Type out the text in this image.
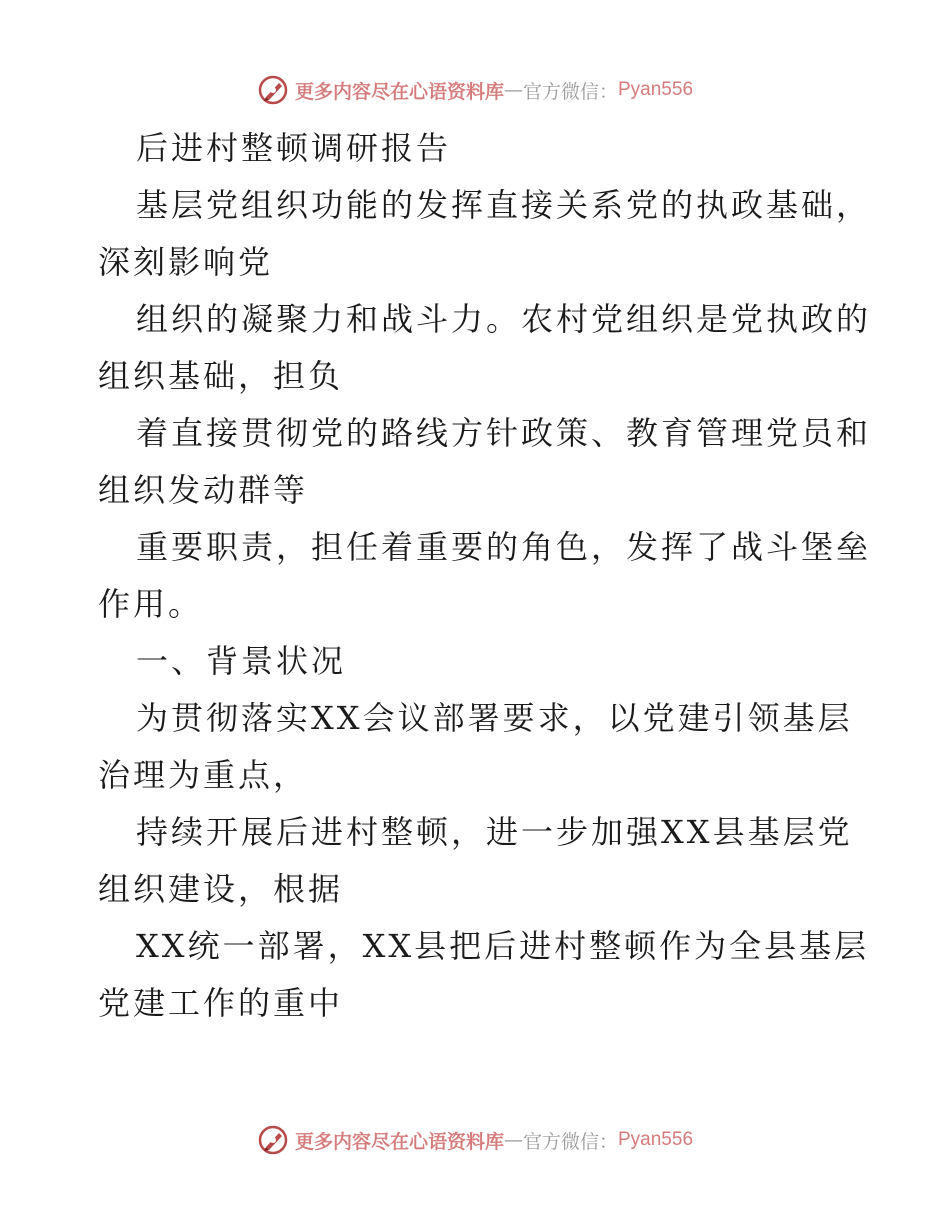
更多内容尽在心语资料库 — 官方微信： Pyan556
后进村整顿调研报告
基层党组织功能的发挥直接关系党的执政基础，
深刻影响党
组织的凝聚力和战斗力。农村党组织是党执政的
组织基础，担负
着直接贯彻党的路线方针政策、教育管理党员和
组织发动群等
重要职责，担任着重要的角色，发挥了战斗堡垒
作用。
一、背景状况
为贯彻落实XX会议部署要求，以党建引领基层
治理为重点，
持续开展后进村整顿，进一步加强XX县基层党
组织建设，根据
XX统一部署，XX县把后进村整顿作为全县基层
党建工作的重中
更多内容尽在心语资料库 — 官方微信： Pyan556
